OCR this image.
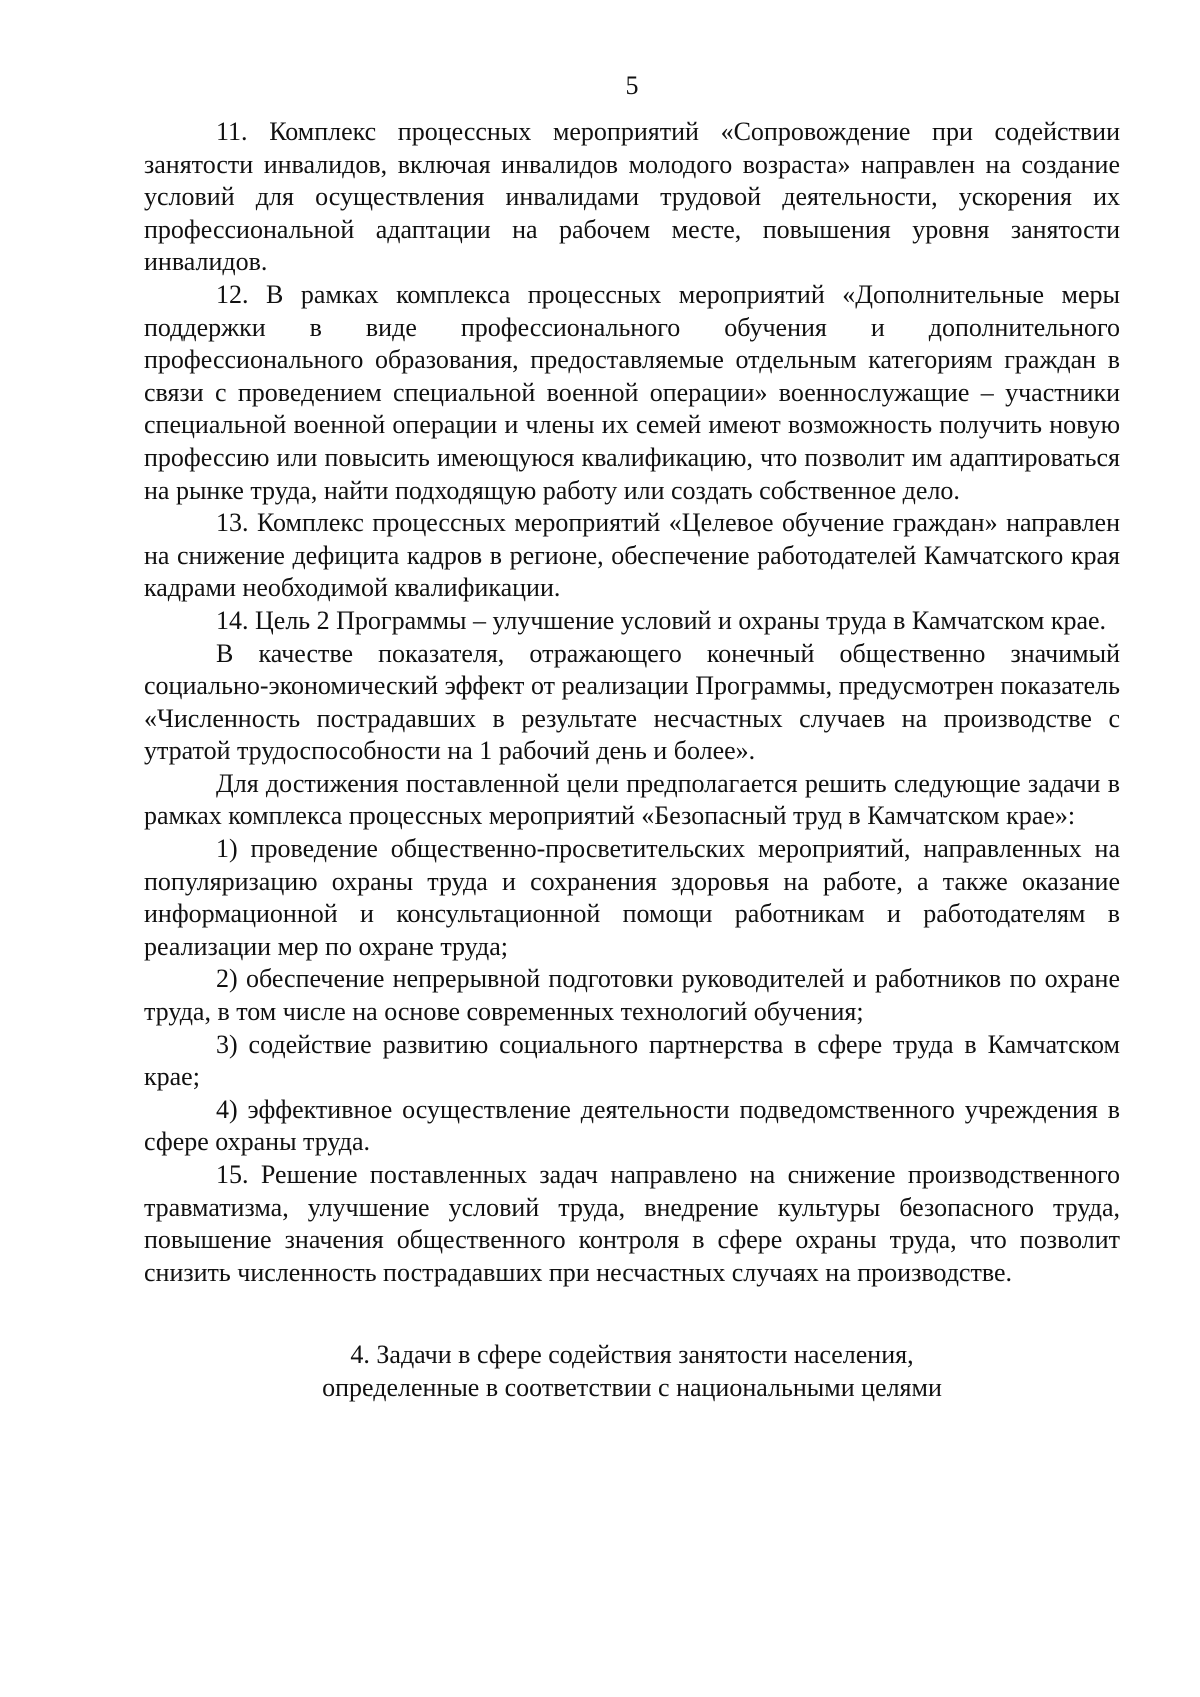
5

11. Комплекс процессных мероприятий «Сопровождение при содействии занятости инвалидов, включая инвалидов молодого возраста» направлен на создание условий для осуществления инвалидами трудовой деятельности, ускорения их профессиональной адаптации на рабочем месте, повышения уровня занятости инвалидов.

12. В рамках комплекса процессных мероприятий «Дополнительные меры поддержки в виде профессионального обучения и дополнительного профессионального образования, предоставляемые отдельным категориям граждан в связи с проведением специальной военной операции» военнослужащие – участники специальной военной операции и члены их семей имеют возможность получить новую профессию или повысить имеющуюся квалификацию, что позволит им адаптироваться на рынке труда, найти подходящую работу или создать собственное дело.

13. Комплекс процессных мероприятий «Целевое обучение граждан» направлен на снижение дефицита кадров в регионе, обеспечение работодателей Камчатского края кадрами необходимой квалификации.

14. Цель 2 Программы – улучшение условий и охраны труда в Камчатском крае.

В качестве показателя, отражающего конечный общественно значимый социально-экономический эффект от реализации Программы, предусмотрен показатель «Численность пострадавших в результате несчастных случаев на производстве с утратой трудоспособности на 1 рабочий день и более».

Для достижения поставленной цели предполагается решить следующие задачи в рамках комплекса процессных мероприятий «Безопасный труд в Камчатском крае»:

1) проведение общественно-просветительских мероприятий, направленных на популяризацию охраны труда и сохранения здоровья на работе, а также оказание информационной и консультационной помощи работникам и работодателям в реализации мер по охране труда;

2) обеспечение непрерывной подготовки руководителей и работников по охране труда, в том числе на основе современных технологий обучения;

3) содействие развитию социального партнерства в сфере труда в Камчатском крае;

4) эффективное осуществление деятельности подведомственного учреждения в сфере охраны труда.

15. Решение поставленных задач направлено на снижение производственного травматизма, улучшение условий труда, внедрение культуры безопасного труда, повышение значения общественного контроля в сфере охраны труда, что позволит снизить численность пострадавших при несчастных случаях на производстве.

4. Задачи в сфере содействия занятости населения,
определенные в соответствии с национальными целями
